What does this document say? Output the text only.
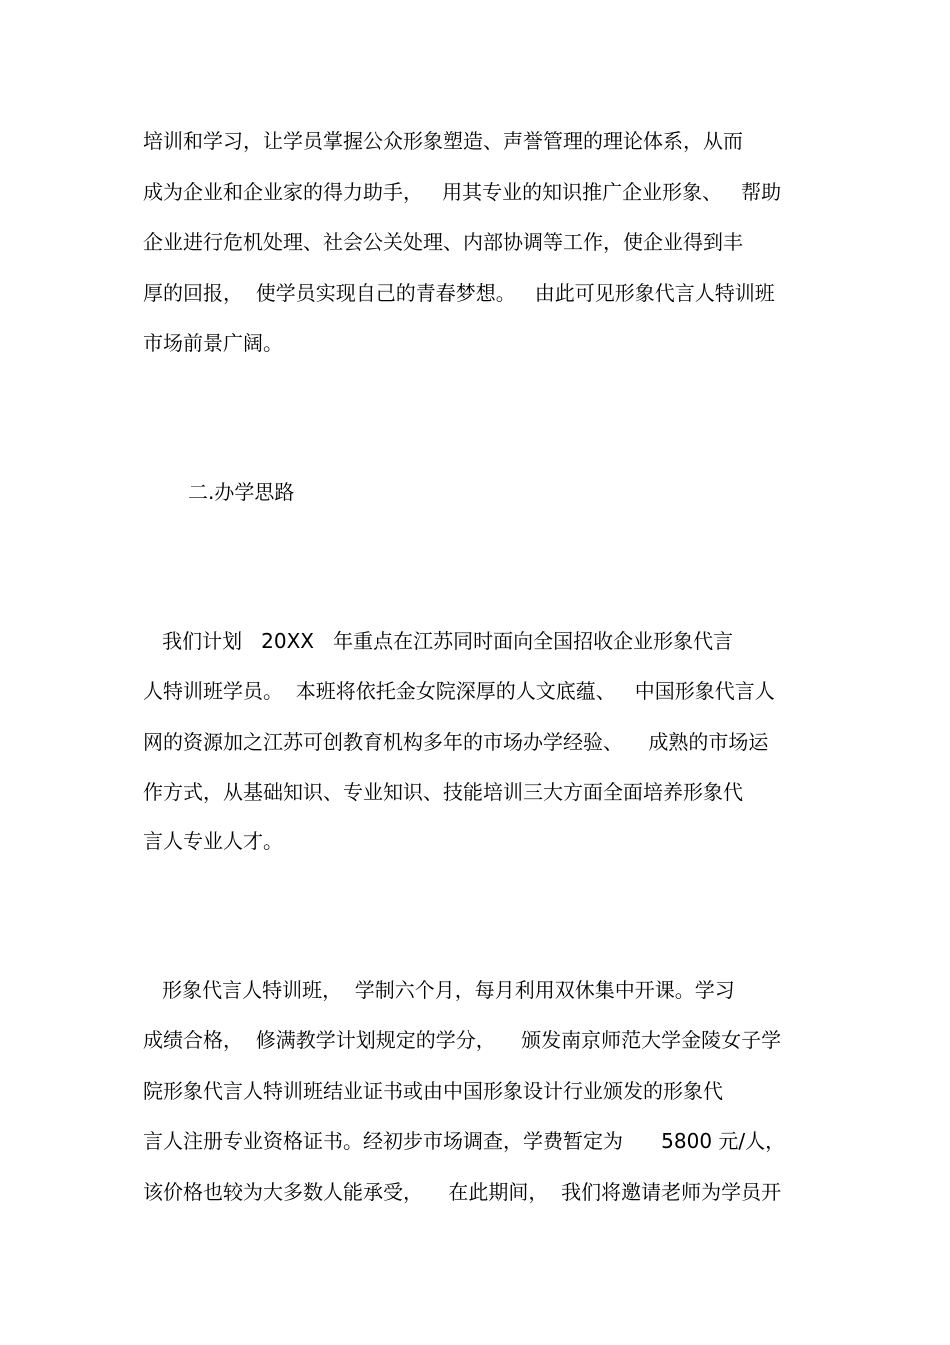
培训和学习，让学员掌握公众形象塑造、声誉管理的理论体系，从而
成为企业和企业家的得力助手，   用其专业的知识推广企业形象、   帮助
企业进行危机处理、社会公关处理、内部协调等工作，使企业得到丰
厚的回报，  使学员实现自己的青春梦想。   由此可见形象代言人特训班
市场前景广阔。
二.办学思路
我们计划   20XX   年重点在江苏同时面向全国招收企业形象代言
人特训班学员。  本班将依托金女院深厚的人文底蕴、   中国形象代言人
网的资源加之江苏可创教育机构多年的市场办学经验、    成熟的市场运
作方式，从基础知识、专业知识、技能培训三大方面全面培养形象代
言人专业人才。
形象代言人特训班，  学制六个月，每月利用双休集中开课。学习
成绩合格，  修满教学计划规定的学分，    颁发南京师范大学金陵女子学
院形象代言人特训班结业证书或由中国形象设计行业颁发的形象代
言人注册专业资格证书。经初步市场调查，学费暂定为      5800 元/人，
该价格也较为大多数人能承受，    在此期间，  我们将邀请老师为学员开
